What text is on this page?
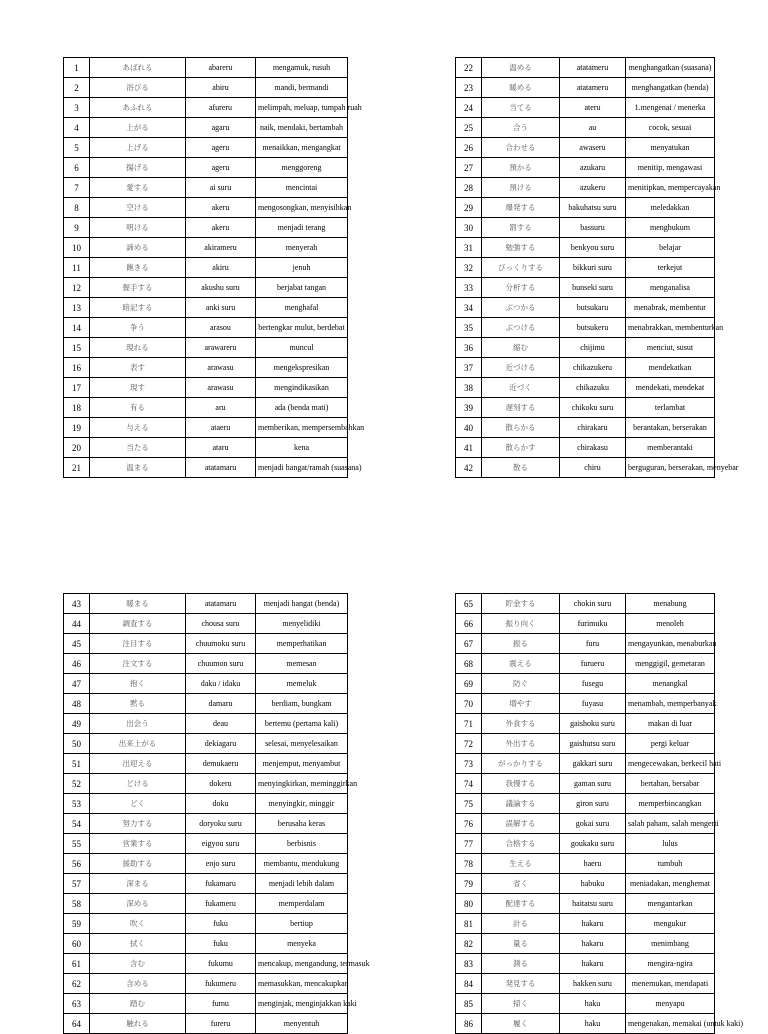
1	あばれる	abareru	mengamuk, rusuh

2	浴びる	abiru	mandi, bermandi

3	あふれる	afureru	melimpah, meluap, tumpah ruah

4	上がる	agaru	naik, mendaki, bertambah

5	上げる	ageru	menaikkan, mengangkat

6	揚げる	ageru	menggoreng

7	愛する	ai suru	mencintai

8	空ける	akeru	mengosongkan, menyisihkan

9	明ける	akeru	menjadi terang

10	諦める	akirameru	menyerah

11	飽きる	akiru	jenuh

12	握手する	akushu suru	berjabat tangan

13	暗記する	anki suru	menghafal

14	争う	arasou	bertengkar mulut, berdebat

15	現れる	arawareru	muncul

16	表す	arawasu	mengekspresikan

17	現す	arawasu	mengindikasikan

18	有る	aru	ada (benda mati)

19	与える	ataeru	memberikan, mempersembahkan

20	当たる	ataru	kena

21	温まる	atatamaru	menjadi hangat/ramah (suasana)
22	温める	atatameru	menghangatkan (suasana)

23	暖める	atatameru	menghangatkan (benda)

24	当てる	ateru	1.mengenai / menerka

25	合う	au	cocok, sesuai

26	合わせる	awaseru	menyatukan

27	預かる	azukaru	menitip, mengawasi

28	預ける	azukeru	menitipkan, mempercayakan

29	爆発する	bakuhatsu suru	meledakkan

30	罰する	bassuru	menghukum

31	勉強する	benkyou suru	belajar

32	びっくりする	bikkuri suru	terkejut

33	分析する	bunseki suru	menganalisa

34	ぶつかる	butsukaru	menabrak, membentur

35	ぶつける	butsukeru	menabrakkan, membenturkan

36	縮む	chijimu	menciut, susut

37	近づける	chikazukeru	mendekatkan

38	近づく	chikazuku	mendekati, mendekat

39	遅刻する	chikoku suru	terlambat

40	散らかる	chirakaru	berantakan, berserakan

41	散らかす	chirakasu	memberantaki

42	散る	chiru	berguguran, berserakan, menyebar
43	暖まる	atatamaru	menjadi hangat (benda)

44	調査する	chousa suru	menyelidiki

45	注目する	chuumoku suru	memperhatikan

46	注文する	chuumon suru	memesan

47	抱く	daku / idaku	memeluk

48	黙る	damaru	berdiam, bungkam

49	出会う	deau	bertemu (pertama kali)

50	出来上がる	dekiagaru	selesai, menyelesaikan

51	出迎える	demukaeru	menjemput, menyambut

52	どける	dokeru	menyingkirkan, meminggirkan

53	どく	doku	menyingkir, minggir

54	努力する	doryoku suru	berusaha keras

55	営業する	eigyou suru	berbisnis

56	援助する	enjo suru	membantu, mendukung

57	深まる	fukamaru	menjadi lebih dalam

58	深める	fukameru	memperdalam

59	吹く	fuku	bertiup

60	拭く	fuku	menyeka

61	含む	fukumu	mencakup, mengandung, termasuk

62	含める	fukumeru	memasukkan, mencakupkan

63	踏む	fumu	menginjak, menginjakkan kaki

64	触れる	fureru	menyentuh
65	貯金する	chokin suru	menabung

66	振り向く	furimuku	menoleh

67	振る	furu	mengayunkan, menaburkan

68	震える	furueru	menggigil, gemetaran

69	防ぐ	fusegu	menangkal

70	増やす	fuyasu	menambah, memperbanyak

71	外食する	gaishoku suru	makan di luar

72	外出する	gaishutsu suru	pergi keluar

73	がっかりする	gakkari suru	mengecewakan, berkecil hati

74	我慢する	gaman suru	bertahan, bersabar

75	議論する	giron suru	memperbincangkan

76	誤解する	gokai suru	salah paham, salah mengerti

77	合格する	goukaku suru	lulus

78	生える	haeru	tumbuh

79	省く	habuku	meniadakan, menghemat

80	配達する	haitatsu suru	mengantarkan

81	計る	hakaru	mengukur

82	量る	hakaru	menimbang

83	測る	hakaru	mengira-ngira

84	発見する	hakken suru	menemukan, mendapati

85	掃く	haku	menyapu

86	履く	haku	mengenakan, memakai (untuk kaki)
